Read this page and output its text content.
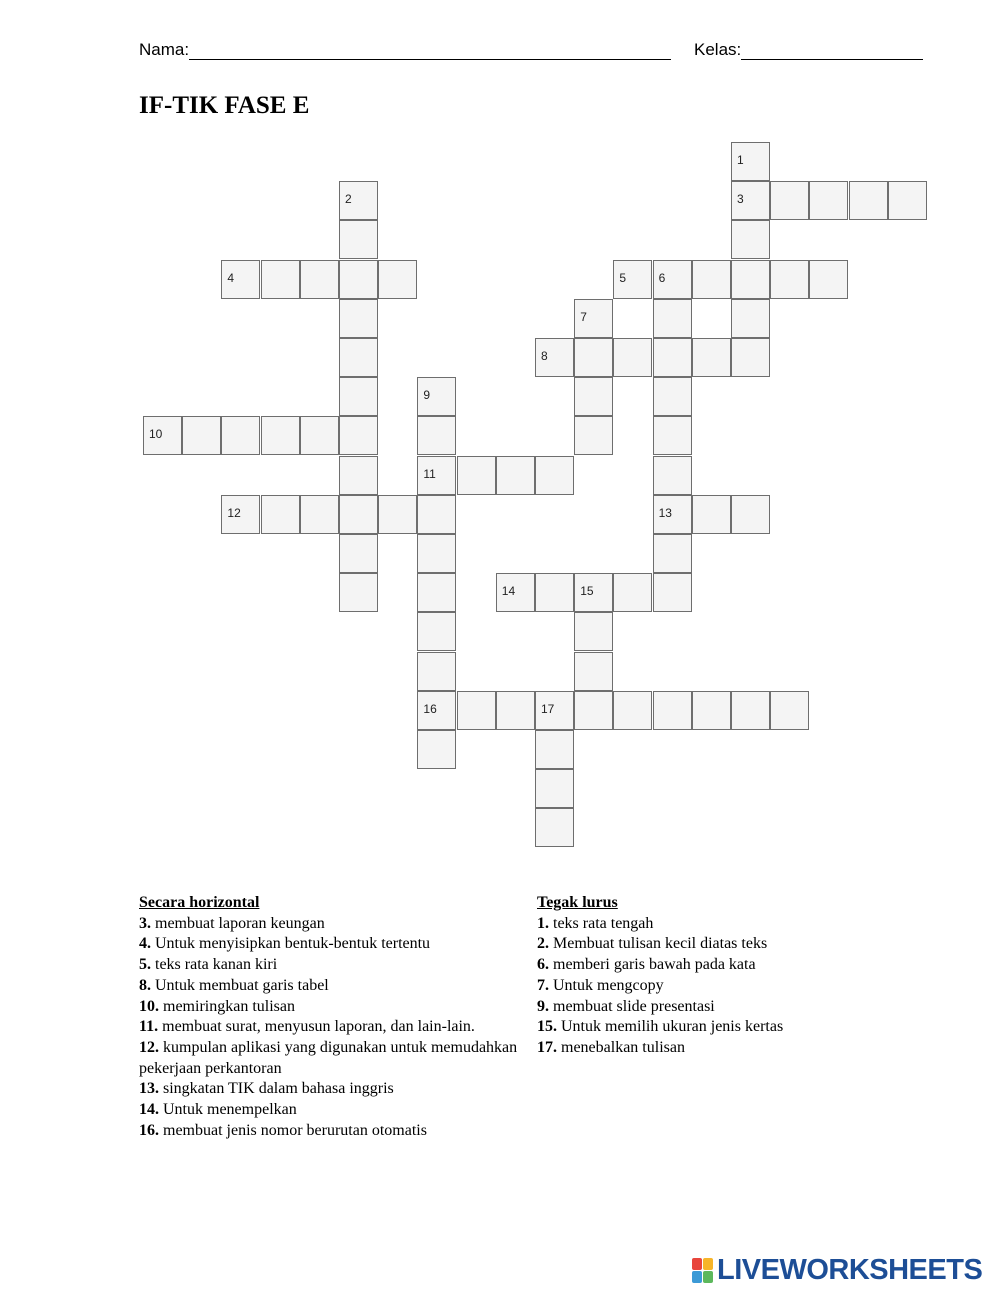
Nama:	Kelas:
IF-TIK FASE E
1
2	3
4	5	6
7
8
9
10
11
12	13
14	15
16	17
Secara horizontal

3. membuat laporan keungan

4. Untuk menyisipkan bentuk-bentuk tertentu

5. teks rata kanan kiri

8. Untuk membuat garis tabel

10. memiringkan tulisan

11. membuat surat, menyusun laporan, dan lain-lain.

12. kumpulan aplikasi yang digunakan untuk memudahkan pekerjaan perkantoran

13. singkatan TIK dalam bahasa inggris

14. Untuk menempelkan

16. membuat jenis nomor berurutan otomatis

Tegak lurus

1. teks rata tengah

2. Membuat tulisan kecil diatas teks

6. memberi garis bawah pada kata

7. Untuk mengcopy

9. membuat slide presentasi

15. Untuk memilih ukuran jenis kertas

17. menebalkan tulisan

LIVEWORKSHEETS
